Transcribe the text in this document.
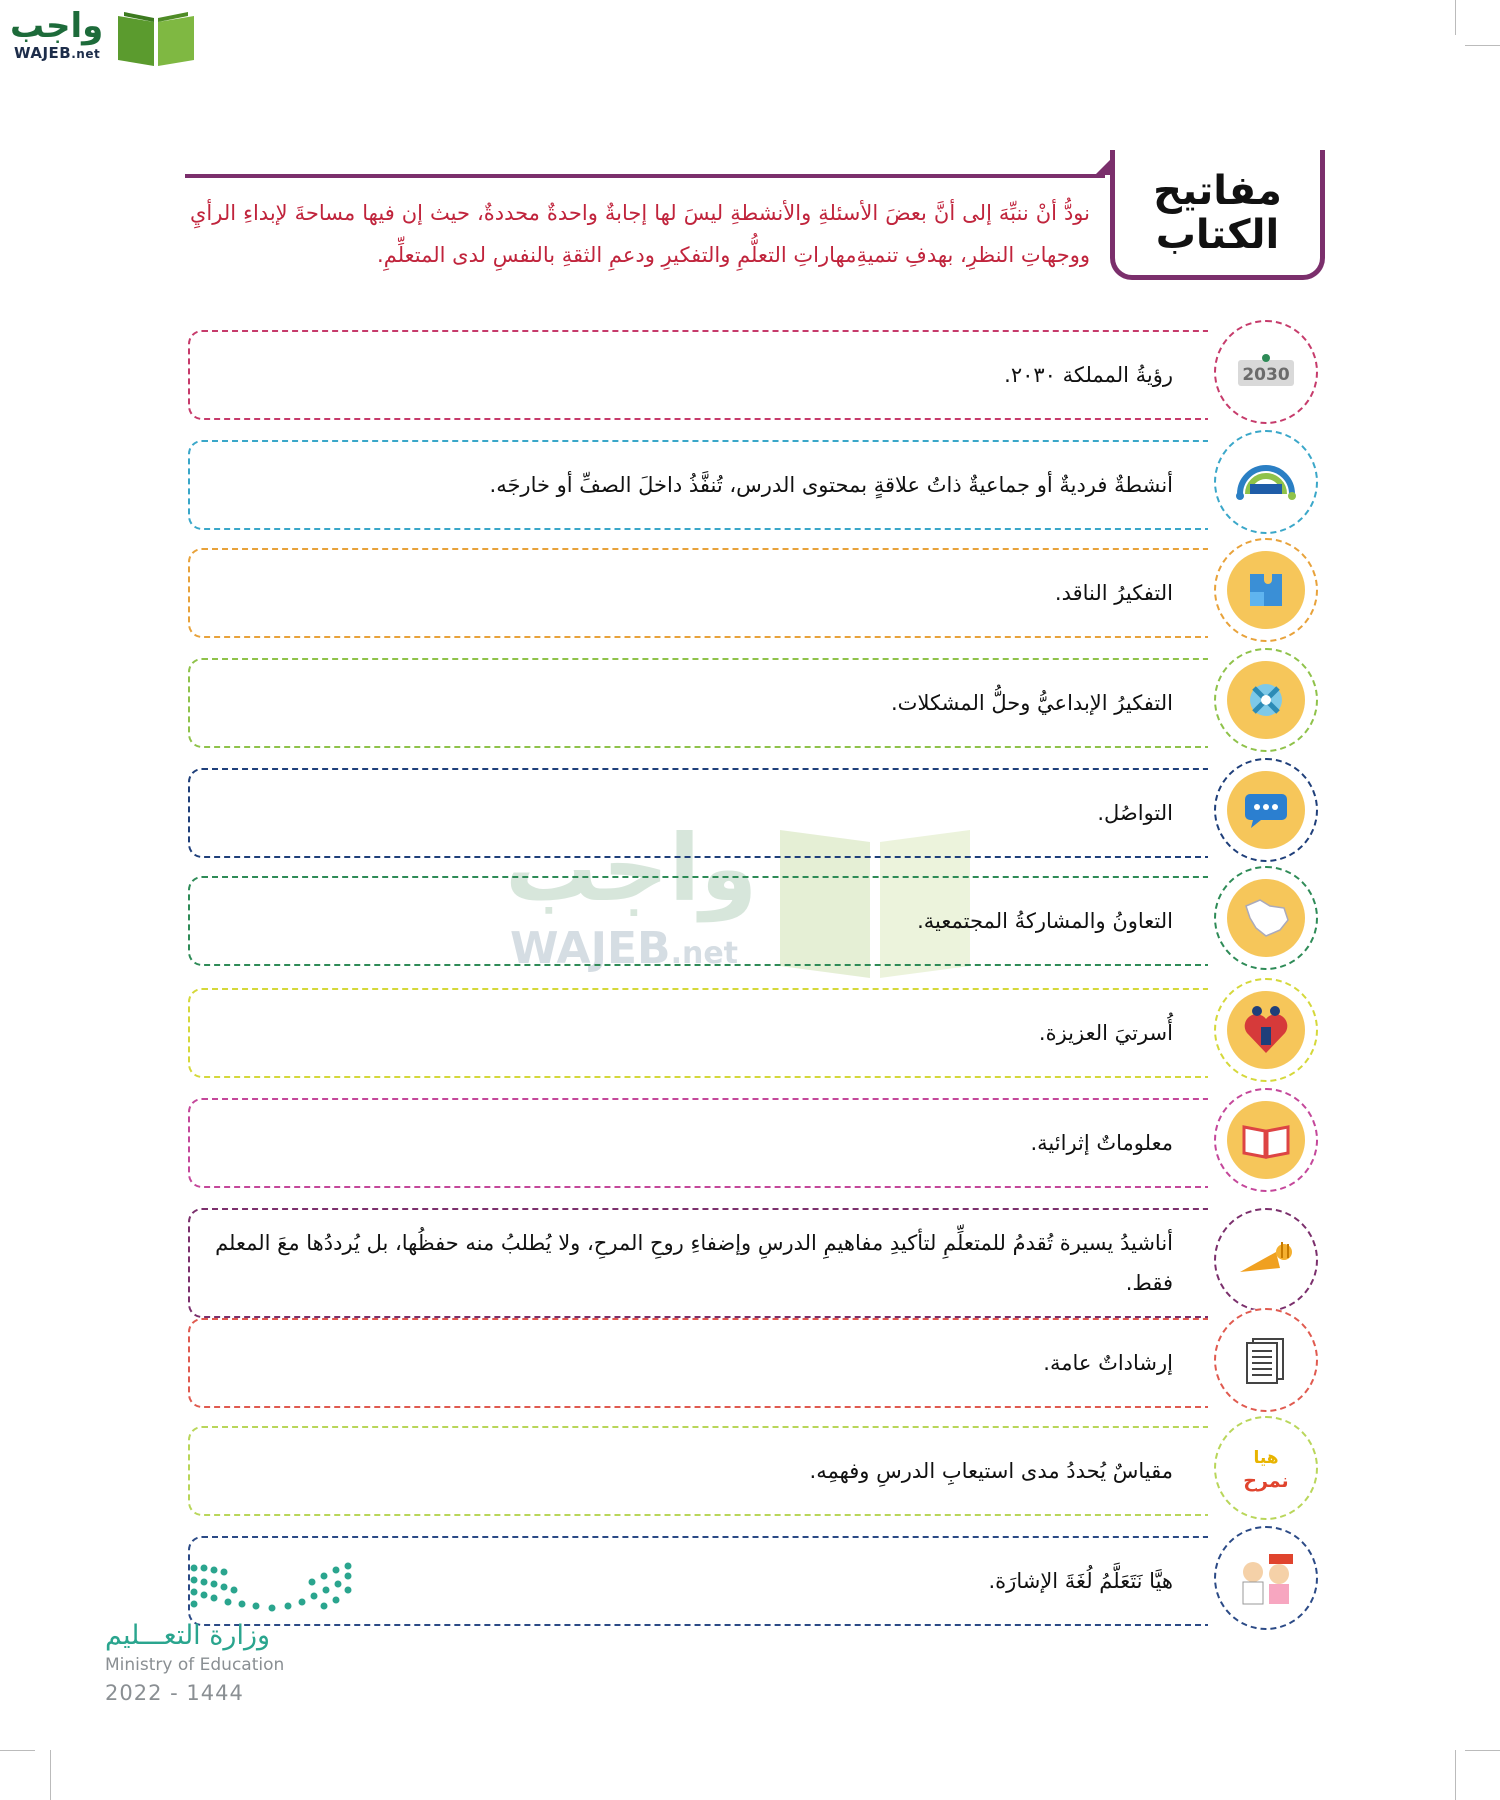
واجب
WAJEB.net
مفاتيح
الكتاب
نودُّ أنْ ننبِّهَ إلى أنَّ بعضَ الأسئلةِ والأنشطةِ ليسَ لها إجابةٌ واحدةٌ محددةٌ، حيث إن فيها مساحةَ لإبداءِ الرأيِ ووجهاتِ النظرِ، بهدفِ تنميةِمهاراتِ التعلُّمِ والتفكيرِ ودعمِ الثقةِ بالنفسِ لدى المتعلِّمِ.
واجب
WAJEB.net
رؤيةُ المملكة ٢٠٣٠.	2030
أنشطةٌ فرديةٌ أو جماعيةٌ ذاتُ علاقةٍ بمحتوى الدرس، تُنفَّذُ داخلَ الصفِّ أو خارجَه.
التفكيرُ الناقد.
التفكيرُ الإبداعيُّ وحلُّ المشكلات.
التواصُل.
التعاونُ والمشاركةُ المجتمعية.
أُسرتيَ العزيزة.
معلوماتٌ إثرائية.
أناشيدُ يسيرة تُقدمُ للمتعلِّمِ لتأكيدِ مفاهيمِ الدرسِ وإضفاءِ روحِ المرحِ، ولا يُطلبُ منه حفظُها، بل يُرددُها معَ المعلم فقط.
إرشاداتٌ عامة.
مقياسٌ يُحددُ مدى استيعابِ الدرسِ وفهمِه.
هيا
نمرح
هيَّا نَتَعَلَّمُ لُغَةَ الإشارَة.
وزارة التعـــليم
Ministry of Education
2022 - 1444
